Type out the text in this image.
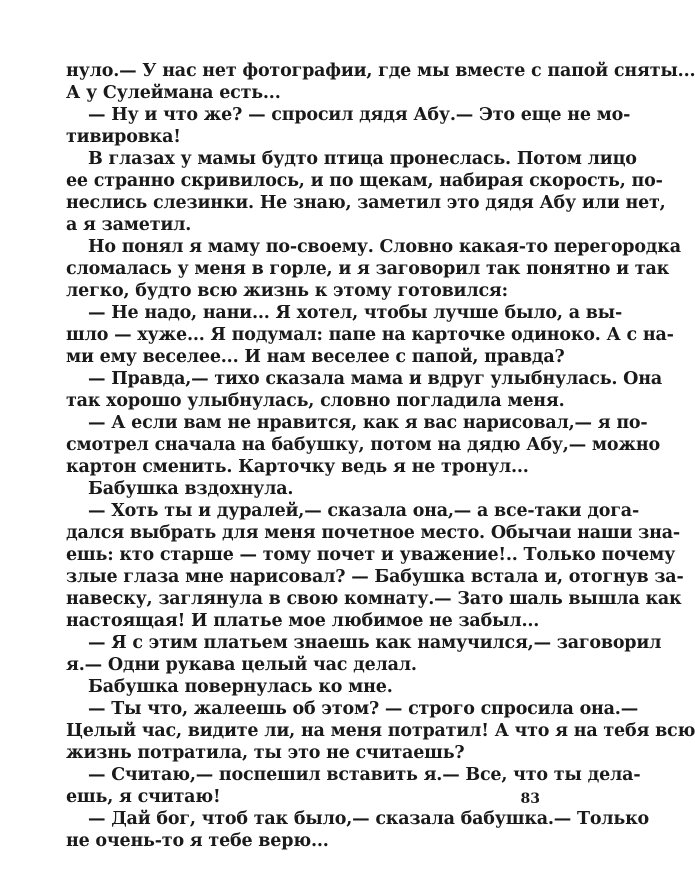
нуло.— У нас нет фотографии, где мы вместе с папой сняты...
А у Сулеймана есть...
— Ну и что же? — спросил дядя Абу.— Это еще не мо-
тивировка!
В глазах у мамы будто птица пронеслась. Потом лицо
ее странно скривилось, и по щекам, набирая скорость, по-
неслись слезинки. Не знаю, заметил это дядя Абу или нет,
а я заметил.
Но понял я маму по-своему. Словно какая-то перегородка
сломалась у меня в горле, и я заговорил так понятно и так
легко, будто всю жизнь к этому готовился:
— Не надо, нани... Я хотел, чтобы лучше было, а вы-
шло — хуже... Я подумал: папе на карточке одиноко. А с на-
ми ему веселее... И нам веселее с папой, правда?
— Правда,— тихо сказала мама и вдруг улыбнулась. Она
так хорошо улыбнулась, словно погладила меня.
— А если вам не нравится, как я вас нарисовал,— я по-
смотрел сначала на бабушку, потом на дядю Абу,— можно
картон сменить. Карточку ведь я не тронул...
Бабушка вздохнула.
— Хоть ты и дуралей,— сказала она,— а все-таки дога-
дался выбрать для меня почетное место. Обычаи наши зна-
ешь: кто старше — тому почет и уважение!.. Только почему
злые глаза мне нарисовал? — Бабушка встала и, отогнув за-
навеску, заглянула в свою комнату.— Зато шаль вышла как
настоящая! И платье мое любимое не забыл...
— Я с этим платьем знаешь как намучился,— заговорил
я.— Одни рукава целый час делал.
Бабушка повернулась ко мне.
— Ты что, жалеешь об этом? — строго спросила она.—
Целый час, видите ли, на меня потратил! А что я на тебя всю
жизнь потратила, ты это не считаешь?
— Считаю,— поспешил вставить я.— Все, что ты дела-
ешь, я считаю!
— Дай бог, чтоб так было,— сказала бабушка.— Только
не очень-то я тебе верю...
83
